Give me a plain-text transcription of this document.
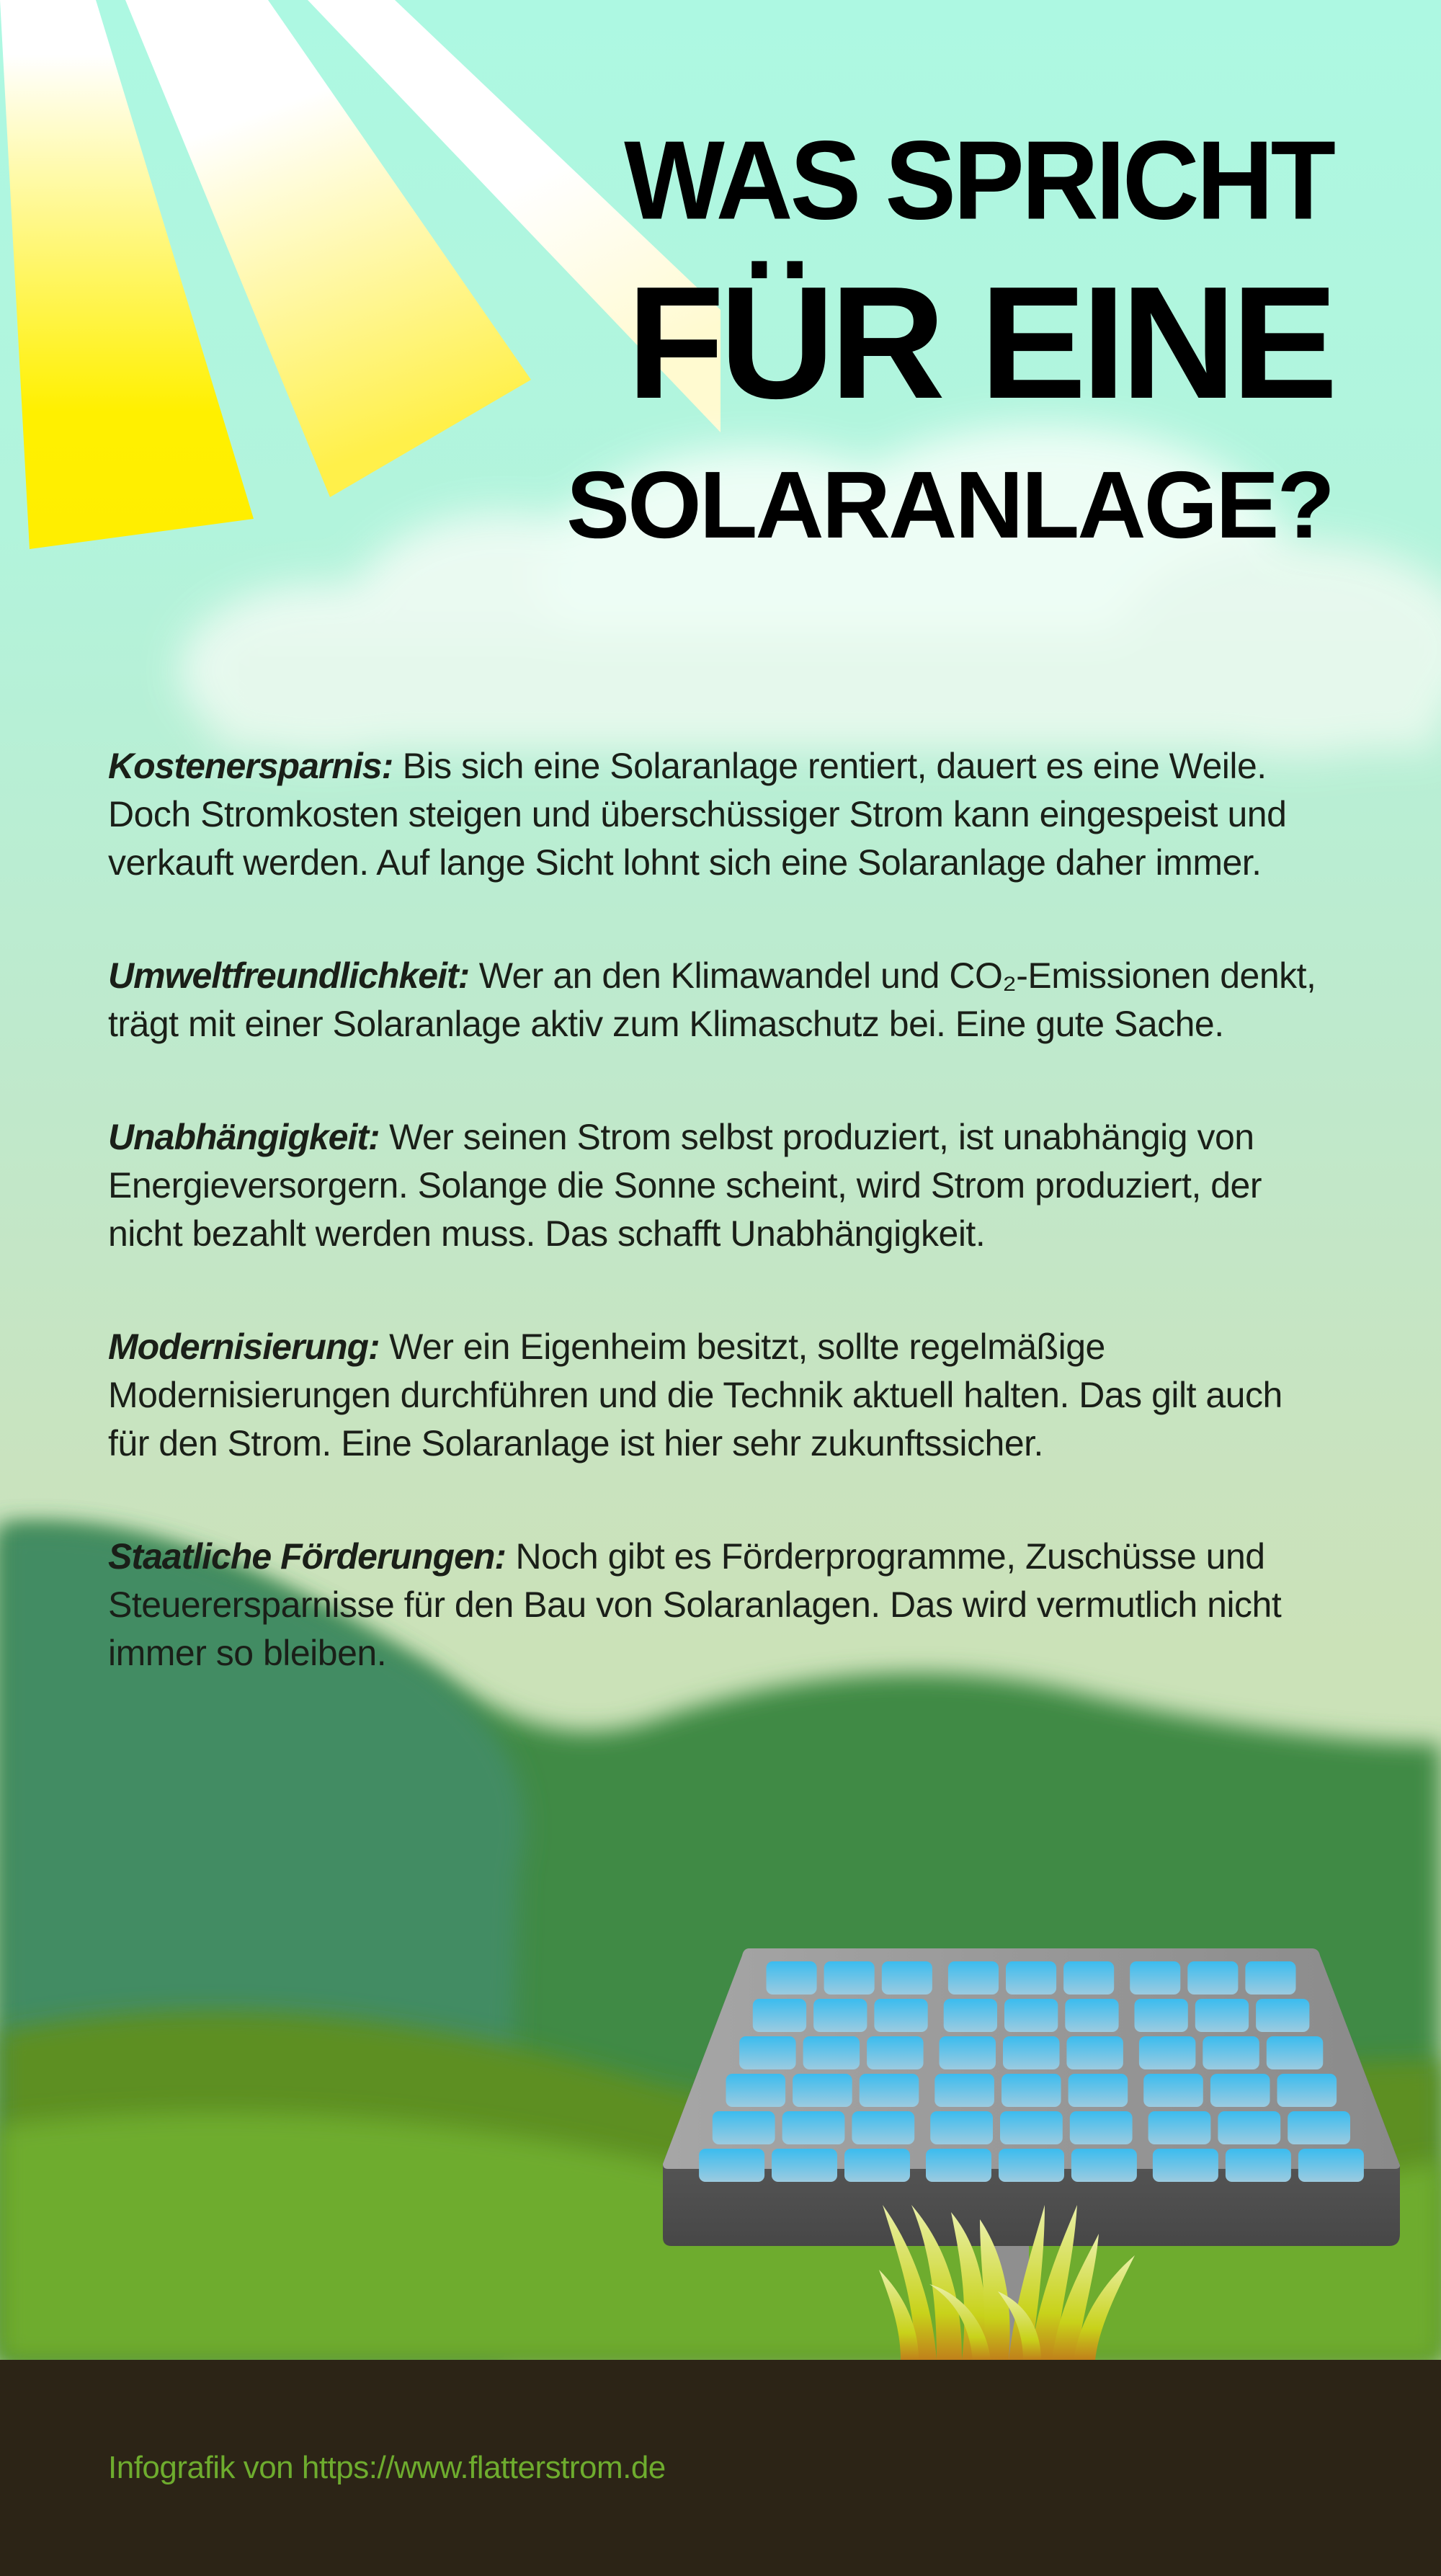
WAS SPRICHT
FÜR EINE
SOLARANLAGE?

Kostenersparnis: Bis sich eine Solaranlage rentiert, dauert es eine Weile. Doch Stromkosten steigen und überschüssiger Strom kann eingespeist und verkauft werden. Auf lange Sicht lohnt sich eine Solaranlage daher immer.

Umweltfreundlichkeit: Wer an den Klimawandel und CO₂-Emissionen denkt, trägt mit einer Solaranlage aktiv zum Klimaschutz bei. Eine gute Sache.

Unabhängigkeit: Wer seinen Strom selbst produziert, ist unabhängig von Energieversorgern. Solange die Sonne scheint, wird Strom produziert, der nicht bezahlt werden muss. Das schafft Unabhängigkeit.

Modernisierung: Wer ein Eigenheim besitzt, sollte regelmäßige Modernisierungen durchführen und die Technik aktuell halten. Das gilt auch für den Strom. Eine Solaranlage ist hier sehr zukunftssicher.

Staatliche Förderungen: Noch gibt es Förderprogramme, Zuschüsse und Steuerersparnisse für den Bau von Solaranlagen. Das wird vermutlich nicht immer so bleiben.

Infografik von https://www.flatterstrom.de
